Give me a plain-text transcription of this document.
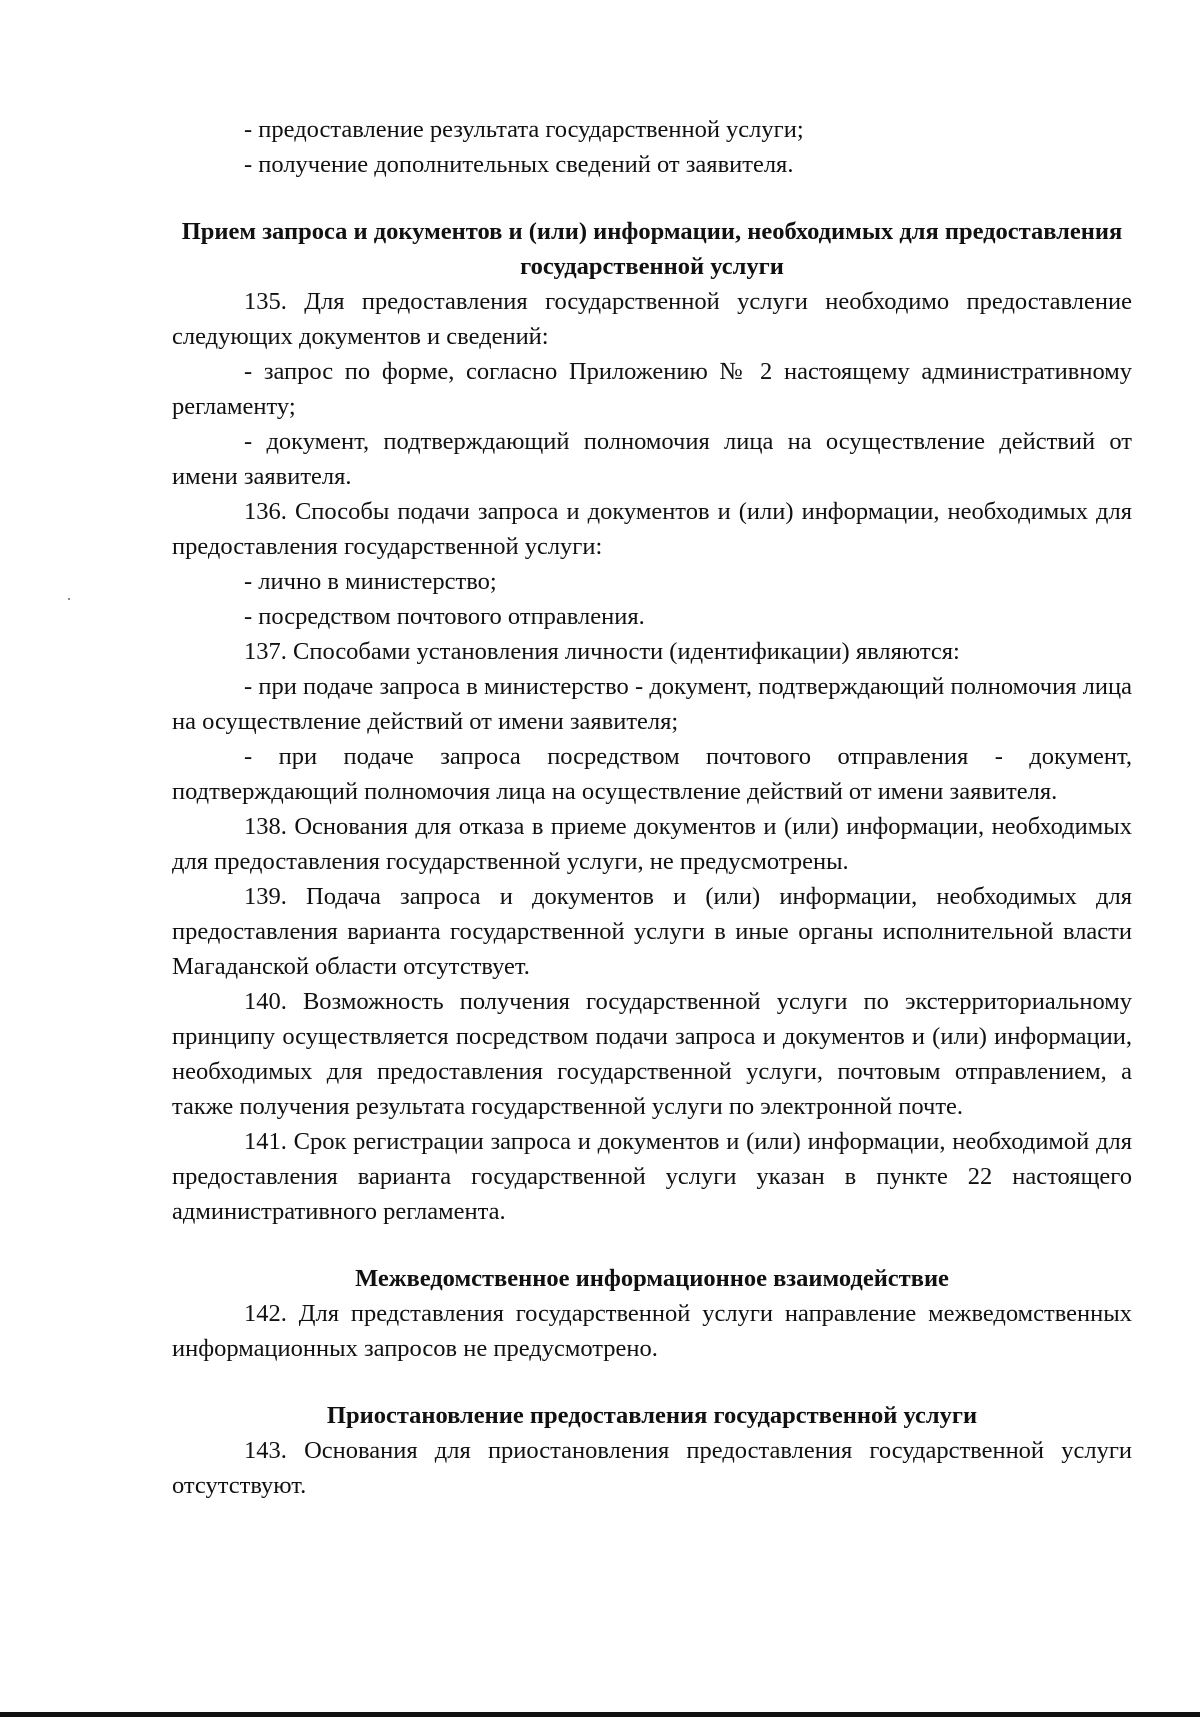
- предоставление результата государственной услуги;

- получение дополнительных сведений от заявителя.

Прием запроса и документов и (или) информации, необходимых для предоставления государственной услуги

135. Для предоставления государственной услуги необходимо предоставление следующих документов и сведений:

- запрос по форме, согласно Приложению № 2 настоящему административному регламенту;

- документ, подтверждающий полномочия лица на осуществление действий от имени заявителя.

136. Способы подачи запроса и документов и (или) информации, необходимых для предоставления государственной услуги:

- лично в министерство;

- посредством почтового отправления.

137. Способами установления личности (идентификации) являются:

- при подаче запроса в министерство - документ, подтверждающий полномочия лица на осуществление действий от имени заявителя;

- при подаче запроса посредством почтового отправления - документ, подтверждающий полномочия лица на осуществление действий от имени заявителя.

138. Основания для отказа в приеме документов и (или) информации, необходимых для предоставления государственной услуги, не предусмотрены.

139. Подача запроса и документов и (или) информации, необходимых для предоставления варианта государственной услуги в иные органы исполнительной власти Магаданской области отсутствует.

140. Возможность получения государственной услуги по экстерриториальному принципу осуществляется посредством подачи запроса и документов и (или) информации, необходимых для предоставления государственной услуги, почтовым отправлением, а также получения результата государственной услуги по электронной почте.

141. Срок регистрации запроса и документов и (или) информации, необходимой для предоставления варианта государственной услуги указан в пункте 22 настоящего административного регламента.

Межведомственное информационное взаимодействие

142. Для представления государственной услуги направление межведомственных информационных запросов не предусмотрено.

Приостановление предоставления государственной услуги

143. Основания для приостановления предоставления государственной услуги отсутствуют.
